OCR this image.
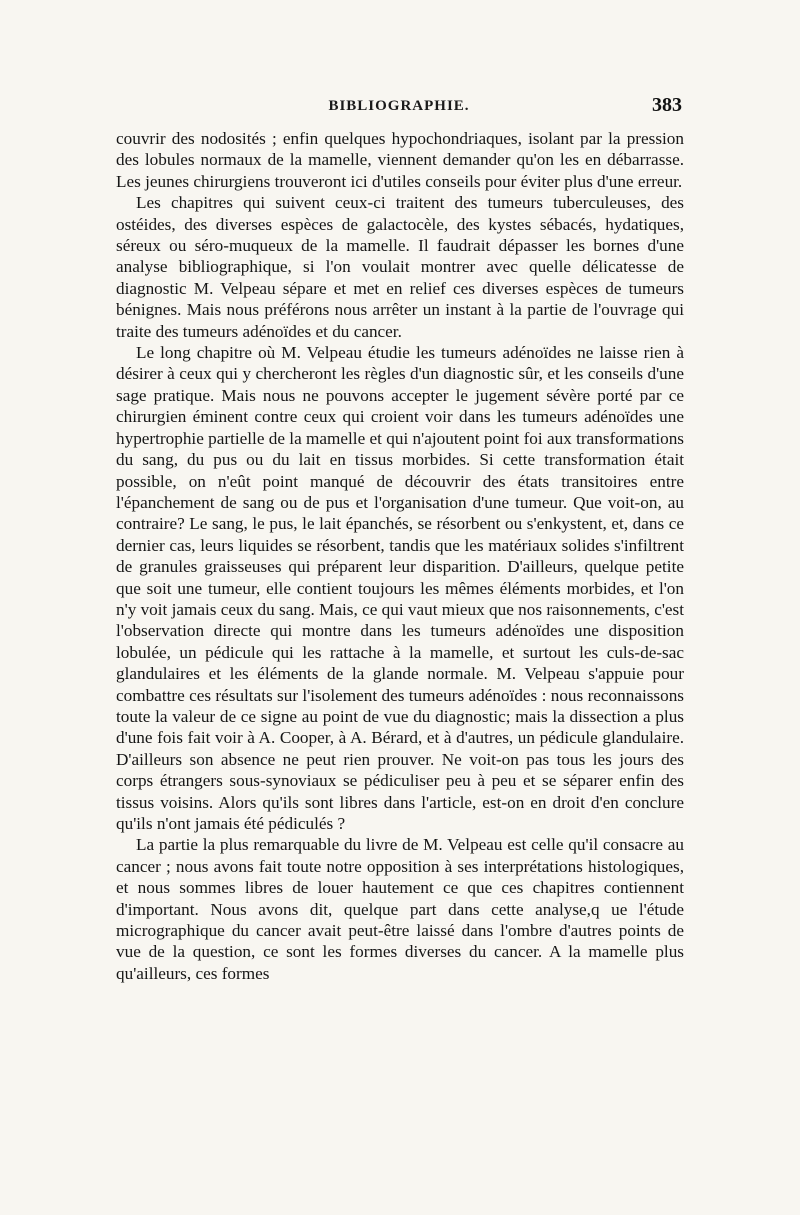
BIBLIOGRAPHIE.	383

couvrir des nodosités ; enfin quelques hypochondriaques, isolant par la pression des lobules normaux de la mamelle, viennent demander qu'on les en débarrasse. Les jeunes chirurgiens trouveront ici d'utiles conseils pour éviter plus d'une erreur.

Les chapitres qui suivent ceux-ci traitent des tumeurs tuberculeuses, des ostéides, des diverses espèces de galactocèle, des kystes sébacés, hydatiques, séreux ou séro-muqueux de la mamelle. Il faudrait dépasser les bornes d'une analyse bibliographique, si l'on voulait montrer avec quelle délicatesse de diagnostic M. Velpeau sépare et met en relief ces diverses espèces de tumeurs bénignes. Mais nous préférons nous arrêter un instant à la partie de l'ouvrage qui traite des tumeurs adénoïdes et du cancer.

Le long chapitre où M. Velpeau étudie les tumeurs adénoïdes ne laisse rien à désirer à ceux qui y chercheront les règles d'un diagnostic sûr, et les conseils d'une sage pratique. Mais nous ne pouvons accepter le jugement sévère porté par ce chirurgien éminent contre ceux qui croient voir dans les tumeurs adénoïdes une hypertrophie partielle de la mamelle et qui n'ajoutent point foi aux transformations du sang, du pus ou du lait en tissus morbides. Si cette transformation était possible, on n'eût point manqué de découvrir des états transitoires entre l'épanchement de sang ou de pus et l'organisation d'une tumeur. Que voit-on, au contraire? Le sang, le pus, le lait épanchés, se résorbent ou s'enkystent, et, dans ce dernier cas, leurs liquides se résorbent, tandis que les matériaux solides s'infiltrent de granules graisseuses qui préparent leur disparition. D'ailleurs, quelque petite que soit une tumeur, elle contient toujours les mêmes éléments morbides, et l'on n'y voit jamais ceux du sang. Mais, ce qui vaut mieux que nos raisonnements, c'est l'observation directe qui montre dans les tumeurs adénoïdes une disposition lobulée, un pédicule qui les rattache à la mamelle, et surtout les culs-de-sac glandulaires et les éléments de la glande normale. M. Velpeau s'appuie pour combattre ces résultats sur l'isolement des tumeurs adénoïdes : nous reconnaissons toute la valeur de ce signe au point de vue du diagnostic; mais la dissection a plus d'une fois fait voir à A. Cooper, à A. Bérard, et à d'autres, un pédicule glandulaire. D'ailleurs son absence ne peut rien prouver. Ne voit-on pas tous les jours des corps étrangers sous-synoviaux se pédiculiser peu à peu et se séparer enfin des tissus voisins. Alors qu'ils sont libres dans l'article, est-on en droit d'en conclure qu'ils n'ont jamais été pédiculés ?

La partie la plus remarquable du livre de M. Velpeau est celle qu'il consacre au cancer ; nous avons fait toute notre opposition à ses interprétations histologiques, et nous sommes libres de louer hautement ce que ces chapitres contiennent d'important. Nous avons dit, quelque part dans cette analyse,q ue l'étude micrographique du cancer avait peut-être laissé dans l'ombre d'autres points de vue de la question, ce sont les formes diverses du cancer. A la mamelle plus qu'ailleurs, ces formes
